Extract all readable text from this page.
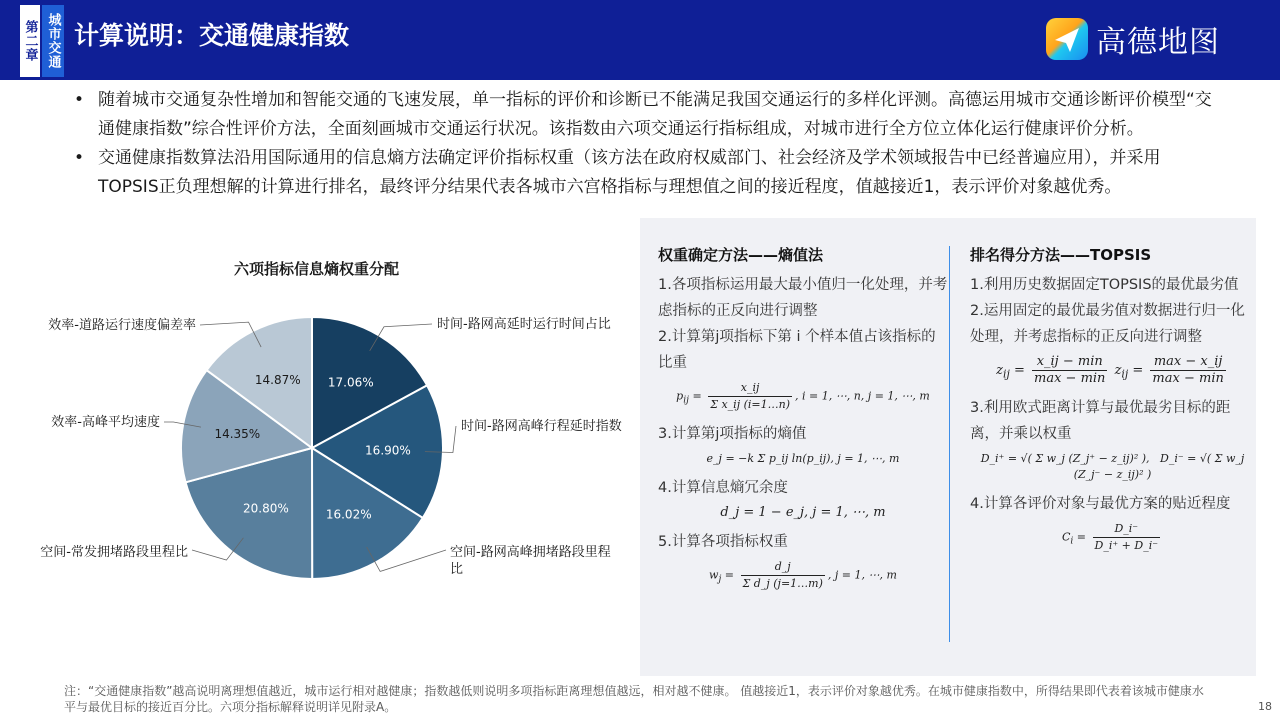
第二章 城市交通 计算说明：交通健康指数	高德地图
• 随着城市交通复杂性增加和智能交通的飞速发展，单一指标的评价和诊断已不能满足我国交通运行的多样化评测。高德运用城市交通诊断评价模型“交通健康指数”综合性评价方法，全面刻画城市交通运行状况。该指数由六项交通运行指标组成，对城市进行全方位立体化运行健康评价分析。
• 交通健康指数算法沿用国际通用的信息熵方法确定评价指标权重（该方法在政府权威部门、社会经济及学术领域报告中已经普遍应用），并采用TOPSIS正负理想解的计算进行排名，最终评分结果代表各城市六宫格指标与理想值之间的接近程度，值越接近1，表示评价对象越优秀。
权重确定方法——熵值法
1.各项指标运用最大最小值归一化处理，并考虑指标的正反向进行调整
2.计算第j项指标下第 i 个样本值占该指标的比重
$p_{ij} = \frac{x\_ij}{\text{Σ x\_ij (i=1…n)}}$ , i = 1, ⋯, n, j = 1, ⋯, m
3.计算第j项指标的熵值
e_j = −k Σ p_ij ln(p_ij), j = 1, ⋯, m
4.计算信息熵冗余度
d_j = 1 − e_j, j = 1, ⋯, m
5.计算各项指标权重
$w_j = \frac{d\_j}{\text{Σ d\_j (j=1…m)}}$ , j = 1, ⋯, m
排名得分方法——TOPSIS
1.利用历史数据固定TOPSIS的最优最劣值
2.运用固定的最优最劣值对数据进行归一化处理，并考虑指标的正反向进行调整
$z_{ij} = \frac{x\_ij - \min}{\max - \min} z_{ij} = \frac{\max - x\_ij}{\max - \min}$
3.利用欧式距离计算与最优最劣目标的距离，并乘以权重
D_i⁺ = √( Σ w_j (Z_j⁺ − z_ij)² ), D_i⁻ = √( Σ w_j (Z_j⁻ − z_ij)² )
4.计算各评价对象与最优方案的贴近程度
$C_i = \frac{D\_i^-}{D\_i^+ + D\_i^-}$
六项指标信息熵权重分配
17.06%
时间-路网高延时运行时间占比
16.90%
时间-路网高峰行程延时指数
16.02%
空间-路网高峰拥堵路段里程比
20.80%
空间-常发拥堵路段里程比
14.35%
效率-高峰平均速度
14.87%
效率-道路运行速度偏差率
注：“交通健康指数”越高说明离理想值越近，城市运行相对越健康；指数越低则说明多项指标距离理想值越远，相对越不健康。 值越接近1，表示评价对象越优秀。在城市健康指数中，所得结果即代表着该城市健康水平与最优目标的接近百分比。六项分指标解释说明详见附录A。	18
